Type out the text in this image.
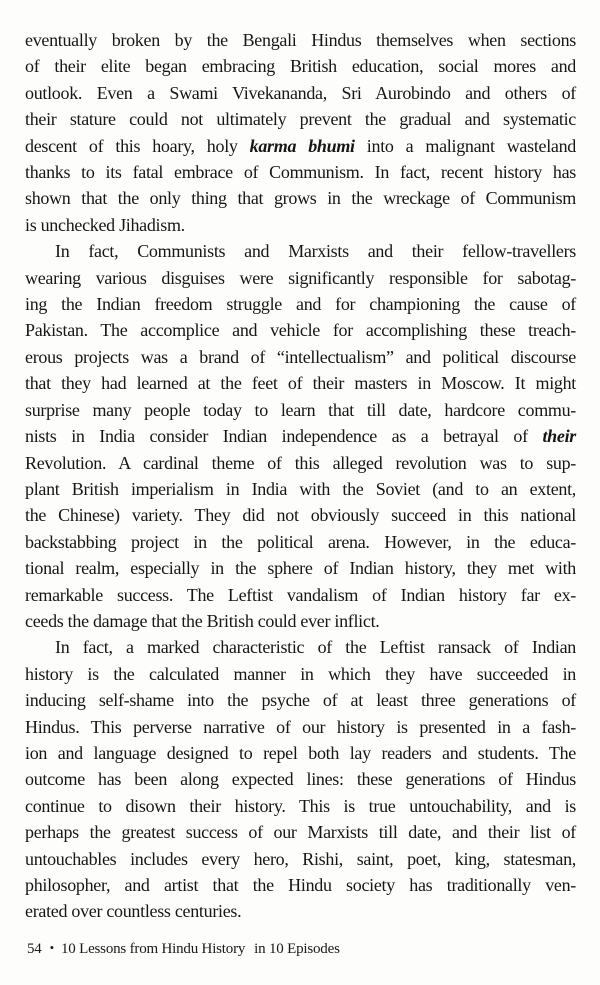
eventually broken by the Bengali Hindus themselves when sections
of their elite began embracing British education, social mores and
outlook. Even a Swami Vivekananda, Sri Aurobindo and others of
their stature could not ultimately prevent the gradual and systematic
descent of this hoary, holy karma bhumi into a malignant wasteland
thanks to its fatal embrace of Communism. In fact, recent history has
shown that the only thing that grows in the wreckage of Communism
is unchecked Jihadism.

In fact, Communists and Marxists and their fellow-travellers
wearing various disguises were significantly responsible for sabotag-
ing the Indian freedom struggle and for championing the cause of
Pakistan. The accomplice and vehicle for accomplishing these treach-
erous projects was a brand of “intellectualism” and political discourse
that they had learned at the feet of their masters in Moscow. It might
surprise many people today to learn that till date, hardcore commu-
nists in India consider Indian independence as a betrayal of their
Revolution. A cardinal theme of this alleged revolution was to sup-
plant British imperialism in India with the Soviet (and to an extent,
the Chinese) variety. They did not obviously succeed in this national
backstabbing project in the political arena. However, in the educa-
tional realm, especially in the sphere of Indian history, they met with
remarkable success. The Leftist vandalism of Indian history far ex-
ceeds the damage that the British could ever inflict.

In fact, a marked characteristic of the Leftist ransack of Indian
history is the calculated manner in which they have succeeded in
inducing self-shame into the psyche of at least three generations of
Hindus. This perverse narrative of our history is presented in a fash-
ion and language designed to repel both lay readers and students. The
outcome has been along expected lines: these generations of Hindus
continue to disown their history. This is true untouchability, and is
perhaps the greatest success of our Marxists till date, and their list of
untouchables includes every hero, Rishi, saint, poet, king, statesman,
philosopher, and artist that the Hindu society has traditionally ven-
erated over countless centuries.

54 • 10 Lessons from Hindu History in 10 Episodes
